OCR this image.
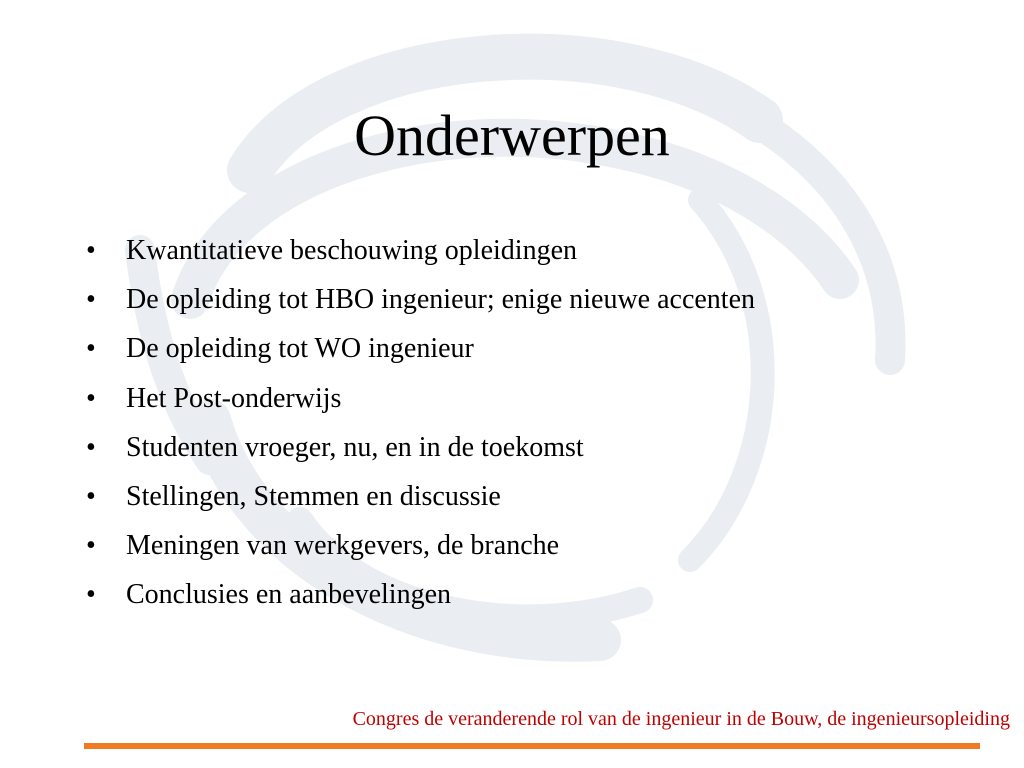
Onderwerpen
• Kwantitatieve beschouwing opleidingen
• De opleiding tot HBO ingenieur; enige nieuwe accenten
• De opleiding tot WO ingenieur
• Het Post-onderwijs
• Studenten vroeger, nu, en in de toekomst
• Stellingen, Stemmen en discussie
• Meningen van werkgevers, de branche
• Conclusies en aanbevelingen
Congres de veranderende rol van de ingenieur in de Bouw, de ingenieursopleiding
